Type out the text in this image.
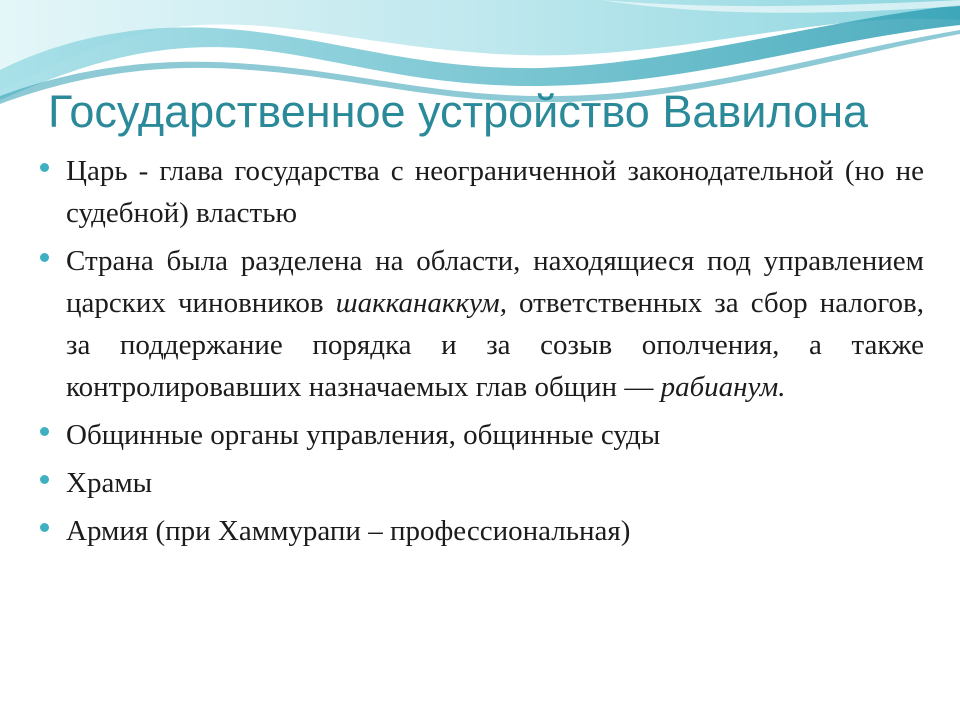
Государственное устройство Вавилона
Царь - глава государства с неограниченной законодательной (но не судебной) властью
Страна была разделена на области, находящиеся под управлением царских чиновников шакканаккум, ответственных за сбор налогов, за поддержание порядка и за созыв ополчения, а также контролировавших назначаемых глав общин — рабианум.
Общинные органы управления, общинные суды
Храмы
Армия (при Хаммурапи – профессиональная)
